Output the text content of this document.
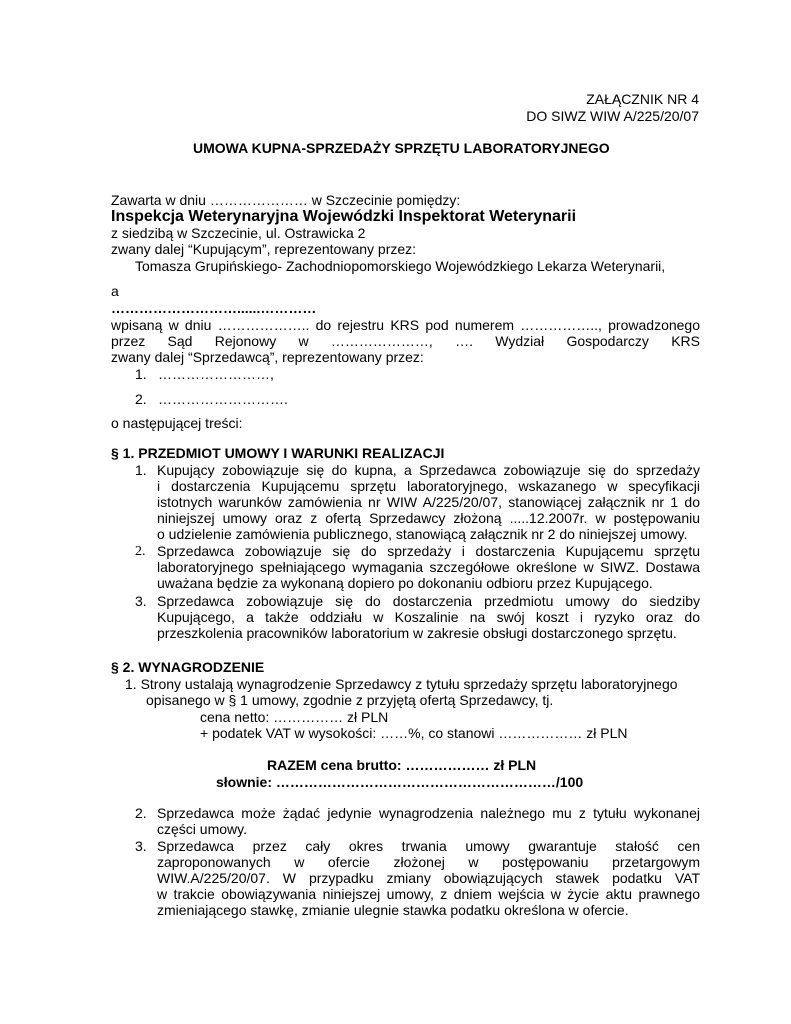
ZAŁĄCZNIK NR 4
DO SIWZ WIW A/225/20/07
UMOWA KUPNA-SPRZEDAŻY SPRZĘTU LABORATORYJNEGO
Zawarta w dniu ………………… w Szczecinie pomiędzy:
Inspekcja Weterynaryjna Wojewódzki Inspektorat Weterynarii
z siedzibą w Szczecinie, ul. Ostrawicka 2
zwany dalej “Kupującym”, reprezentowany przez:
Tomasza Grupińskiego- Zachodniopomorskiego Wojewódzkiego Lekarza Weterynarii,
a
………………………......…………
wpisaną w dniu ……………….. do rejestru KRS pod numerem …………….., prowadzonego
przez Sąd Rejonowy w …………………, …. Wydział Gospodarczy KRS
zwany dalej “Sprzedawcą”, reprezentowany przez:
1. ……………………,
2. ……………………….
o następującej treści:
§ 1. PRZEDMIOT UMOWY I WARUNKI REALIZACJI
1. Kupujący zobowiązuje się do kupna, a Sprzedawca zobowiązuje się do sprzedaży
i dostarczenia Kupującemu sprzętu laboratoryjnego, wskazanego w specyfikacji
istotnych warunków zamówienia nr WIW A/225/20/07, stanowiącej załącznik nr 1 do
niniejszej umowy oraz z ofertą Sprzedawcy złożoną .....12.2007r. w postępowaniu
o udzielenie zamówienia publicznego, stanowiącą załącznik nr 2 do niniejszej umowy.
2. Sprzedawca zobowiązuje się do sprzedaży i dostarczenia Kupującemu sprzętu
laboratoryjnego spełniającego wymagania szczegółowe określone w SIWZ. Dostawa
uważana będzie za wykonaną dopiero po dokonaniu odbioru przez Kupującego.
3. Sprzedawca zobowiązuje się do dostarczenia przedmiotu umowy do siedziby
Kupującego, a także oddziału w Koszalinie na swój koszt i ryzyko oraz do
przeszkolenia pracowników laboratorium w zakresie obsługi dostarczonego sprzętu.
§ 2. WYNAGRODZENIE
1. Strony ustalają wynagrodzenie Sprzedawcy z tytułu sprzedaży sprzętu laboratoryjnego
opisanego w § 1 umowy, zgodnie z przyjętą ofertą Sprzedawcy, tj.
cena netto: …………… zł PLN
+ podatek VAT w wysokości: ……%, co stanowi ……………… zł PLN
RAZEM cena brutto: ……………… zł PLN
słownie: ……………………………………………………/100
2. Sprzedawca może żądać jedynie wynagrodzenia należnego mu z tytułu wykonanej
części umowy.
3. Sprzedawca przez cały okres trwania umowy gwarantuje stałość cen
zaproponowanych w ofercie złożonej w postępowaniu przetargowym
WIW.A/225/20/07. W przypadku zmiany obowiązujących stawek podatku VAT
w trakcie obowiązywania niniejszej umowy, z dniem wejścia w życie aktu prawnego
zmieniającego stawkę, zmianie ulegnie stawka podatku określona w ofercie.
